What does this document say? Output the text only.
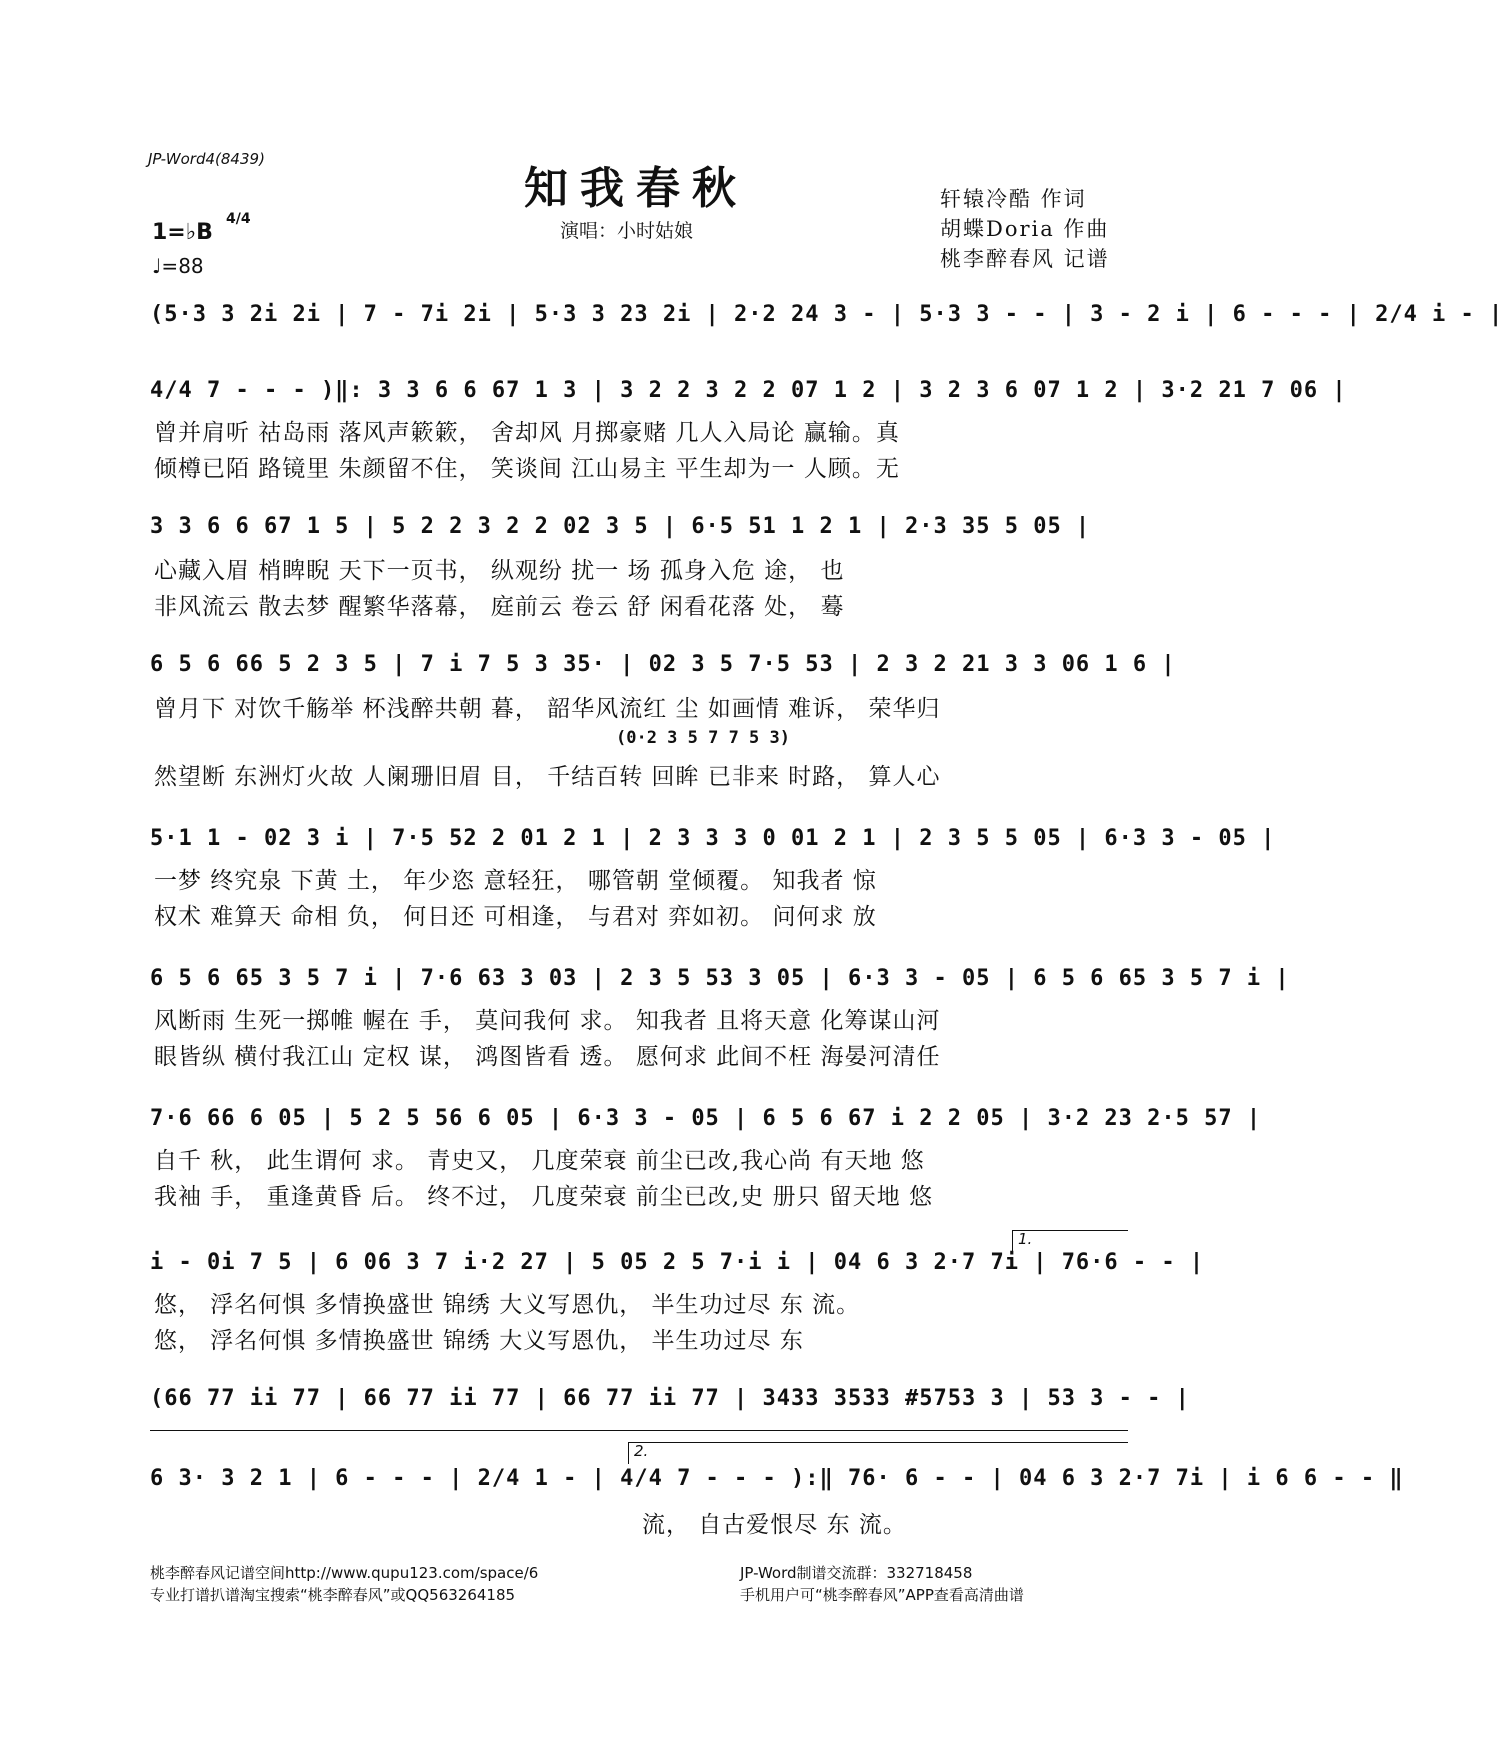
JP-Word4(8439)
知我春秋
演唱：小时姑娘
轩辕冷酷 作词
胡蝶Doria 作曲
桃李醉春风 记谱
1=♭B
4/4
♩=88
(5·3 3 2i 2i | 7 - 7i 2i | 5·3 3 23 2i | 2·2 24 3 - | 5·3 3 - - | 3 - 2 i | 6 - - - | 2/4 i - |
4/4 7 - - - )‖: 3 3 6 6 67 1 3 | 3 2 2 3 2 2 07 1 2 | 3 2 3 6 07 1 2 | 3·2 21 7 06 |
曾并肩听 祜岛雨 落风声簌簌， 舍却风 月掷豪赌 几人入局论 赢输。真
倾樽已陌 路镜里 朱颜留不住， 笑谈间 江山易主 平生却为一 人顾。无
3 3 6 6 67 1 5 | 5 2 2 3 2 2 02 3 5 | 6·5 51 1 2 1 | 2·3 35 5 05 |
心藏入眉 梢睥睨 天下一页书， 纵观纷 扰一 场 孤身入危 途， 也
非风流云 散去梦 醒繁华落幕， 庭前云 卷云 舒 闲看花落 处， 蓦
6 5 6 66 5 2 3 5 | 7 i 7 5 3 35· | 02 3 5 7·5 53 | 2 3 2 21 3 3 06 1 6 |
曾月下 对饮千觞举 杯浅醉共朝 暮， 韶华风流红 尘 如画情 难诉， 荣华归
(0·2 3 5 7 7 5 3)
然望断 东洲灯火故 人阑珊旧眉 目， 千结百转 回眸 已非来 时路， 算人心
5·1 1 - 02 3 i | 7·5 52 2 01 2 1 | 2 3 3 3 0 01 2 1 | 2 3 5 5 05 | 6·3 3 - 05 |
一梦 终究泉 下黄 土， 年少恣 意轻狂， 哪管朝 堂倾覆。 知我者 惊
权术 难算天 命相 负， 何日还 可相逢， 与君对 弈如初。 问何求 放
6 5 6 65 3 5 7 i | 7·6 63 3 03 | 2 3 5 53 3 05 | 6·3 3 - 05 | 6 5 6 65 3 5 7 i |
风断雨 生死一掷帷 幄在 手， 莫问我何 求。 知我者 且将天意 化筹谋山河
眼皆纵 横付我江山 定权 谋， 鸿图皆看 透。 愿何求 此间不枉 海晏河清任
7·6 66 6 05 | 5 2 5 56 6 05 | 6·3 3 - 05 | 6 5 6 67 i 2 2 05 | 3·2 23 2·5 57 |
自千 秋， 此生谓何 求。 青史又， 几度荣衰 前尘已改,我心尚 有天地 悠
我袖 手， 重逢黄昏 后。 终不过， 几度荣衰 前尘已改,史 册只 留天地 悠
1.
i - 0i 7 5 | 6 06 3 7 i·2 27 | 5 05 2 5 7·i i | 04 6 3 2·7 7i | 76·6 - - |
悠， 浮名何惧 多情换盛世 锦绣 大义写恩仇， 半生功过尽 东 流。
悠， 浮名何惧 多情换盛世 锦绣 大义写恩仇， 半生功过尽 东
(66 77 ii 77 | 66 77 ii 77 | 66 77 ii 77 | 3433 3533 #5753 3 | 53 3 - - |
2.
6 3· 3 2 1 | 6 - - - | 2/4 1 - | 4/4 7 - - - ):‖ 76· 6 - - | 04 6 3 2·7 7i | i 6 6 - - ‖
流， 自古爱恨尽 东 流。
桃李醉春风记谱空间http://www.qupu123.com/space/6
专业打谱扒谱淘宝搜索“桃李醉春风”或QQ563264185
JP-Word制谱交流群：332718458
手机用户可“桃李醉春风”APP查看高清曲谱
